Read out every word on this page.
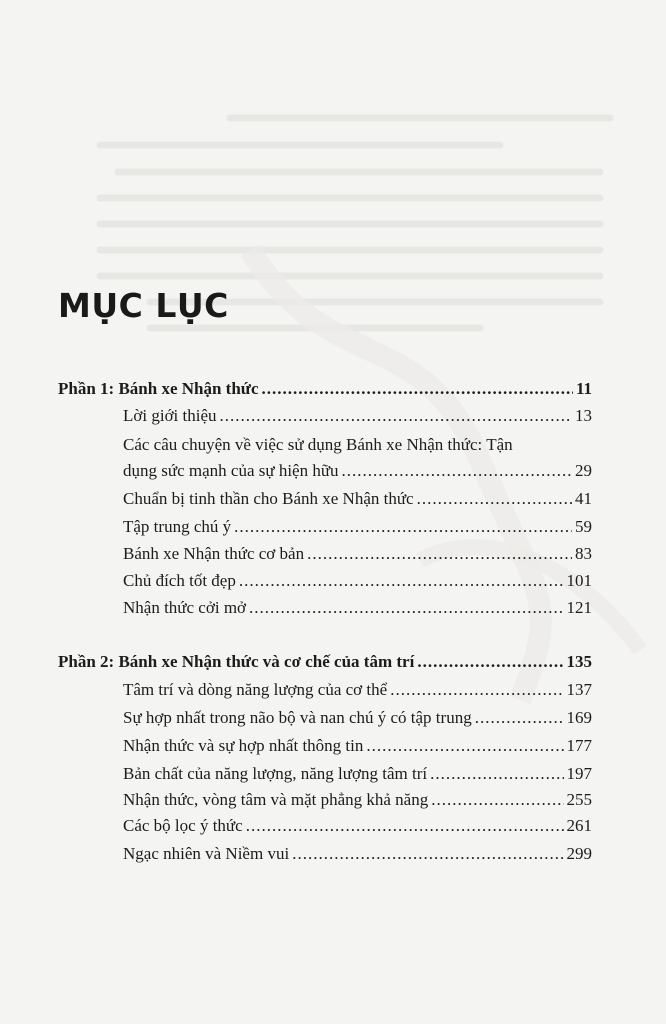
MỤC LỤC
Phần 1: Bánh xe Nhận thức .....	11
Lời giới thiệu .....	13
Các câu chuyện về việc sử dụng Bánh xe Nhận thức: Tận
dụng sức mạnh của sự hiện hữu .....	29
Chuẩn bị tinh thần cho Bánh xe Nhận thức .....	41
Tập trung chú ý .....	59
Bánh xe Nhận thức cơ bản .....	83
Chủ đích tốt đẹp .....	101
Nhận thức cởi mở .....	121
Phần 2: Bánh xe Nhận thức và cơ chế của tâm trí .....	135
Tâm trí và dòng năng lượng của cơ thể .....	137
Sự hợp nhất trong não bộ và nan chú ý có tập trung .....	169
Nhận thức và sự hợp nhất thông tin .....	177
Bản chất của năng lượng, năng lượng tâm trí .....	197
Nhận thức, vòng tâm và mặt phẳng khả năng .....	255
Các bộ lọc ý thức .....	261
Ngạc nhiên và Niềm vui .....	299
